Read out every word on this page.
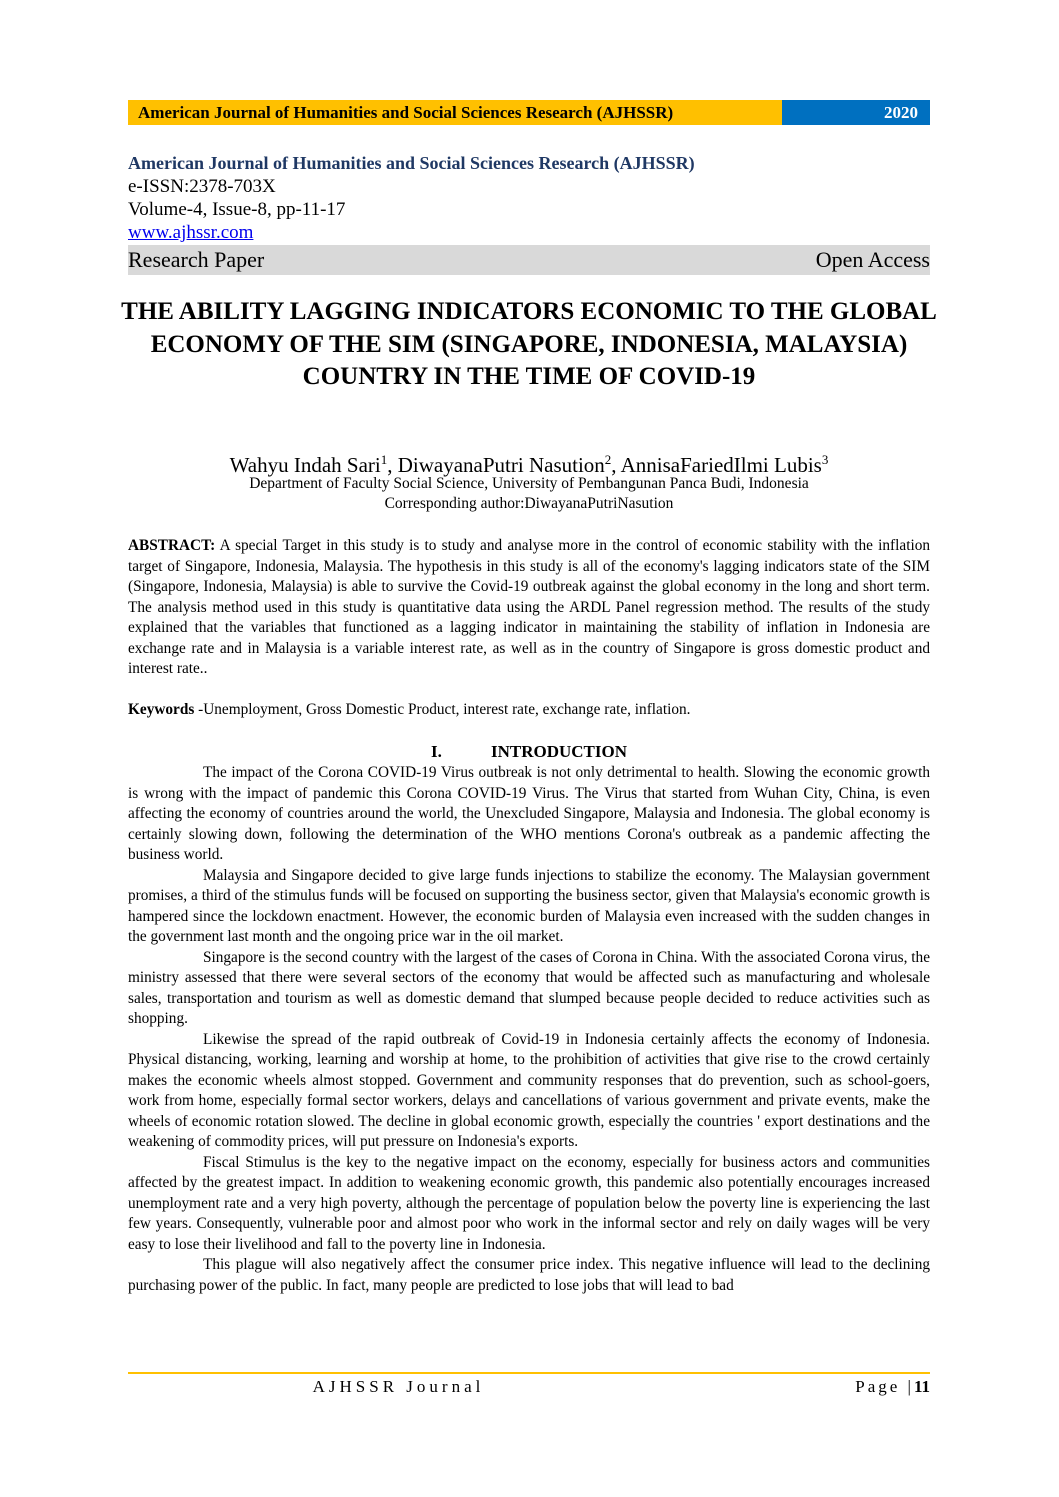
American Journal of Humanities and Social Sciences Research (AJHSSR)	2020
American Journal of Humanities and Social Sciences Research (AJHSSR)
e-ISSN:2378-703X
Volume-4, Issue-8, pp-11-17
www.ajhssr.com
Research Paper	Open Access
THE ABILITY LAGGING INDICATORS ECONOMIC TO THE GLOBAL ECONOMY OF THE SIM (SINGAPORE, INDONESIA, MALAYSIA) COUNTRY IN THE TIME OF COVID-19
Wahyu Indah Sari$^1$, DiwayanaPutri Nasution$^2$, AnnisaFariedIlmi Lubis$^3$
Department of Faculty Social Science, University of Pembangunan Panca Budi, Indonesia
Corresponding author:DiwayanaPutriNasution
ABSTRACT: A special Target in this study is to study and analyse more in the control of economic stability with the inflation target of Singapore, Indonesia, Malaysia. The hypothesis in this study is all of the economy's lagging indicators state of the SIM (Singapore, Indonesia, Malaysia) is able to survive the Covid-19 outbreak against the global economy in the long and short term. The analysis method used in this study is quantitative data using the ARDL Panel regression method. The results of the study explained that the variables that functioned as a lagging indicator in maintaining the stability of inflation in Indonesia are exchange rate and in Malaysia is a variable interest rate, as well as in the country of Singapore is gross domestic product and interest rate..
Keywords -Unemployment, Gross Domestic Product, interest rate, exchange rate, inflation.
I.	INTRODUCTION

The impact of the Corona COVID-19 Virus outbreak is not only detrimental to health. Slowing the economic growth is wrong with the impact of pandemic this Corona COVID-19 Virus. The Virus that started from Wuhan City, China, is even affecting the economy of countries around the world, the Unexcluded Singapore, Malaysia and Indonesia. The global economy is certainly slowing down, following the determination of the WHO mentions Corona's outbreak as a pandemic affecting the business world.

Malaysia and Singapore decided to give large funds injections to stabilize the economy. The Malaysian government promises, a third of the stimulus funds will be focused on supporting the business sector, given that Malaysia's economic growth is hampered since the lockdown enactment. However, the economic burden of Malaysia even increased with the sudden changes in the government last month and the ongoing price war in the oil market.

Singapore is the second country with the largest of the cases of Corona in China. With the associated Corona virus, the ministry assessed that there were several sectors of the economy that would be affected such as manufacturing and wholesale sales, transportation and tourism as well as domestic demand that slumped because people decided to reduce activities such as shopping.

Likewise the spread of the rapid outbreak of Covid-19 in Indonesia certainly affects the economy of Indonesia. Physical distancing, working, learning and worship at home, to the prohibition of activities that give rise to the crowd certainly makes the economic wheels almost stopped. Government and community responses that do prevention, such as school-goers, work from home, especially formal sector workers, delays and cancellations of various government and private events, make the wheels of economic rotation slowed. The decline in global economic growth, especially the countries ' export destinations and the weakening of commodity prices, will put pressure on Indonesia's exports.

Fiscal Stimulus is the key to the negative impact on the economy, especially for business actors and communities affected by the greatest impact. In addition to weakening economic growth, this pandemic also potentially encourages increased unemployment rate and a very high poverty, although the percentage of population below the poverty line is experiencing the last few years. Consequently, vulnerable poor and almost poor who work in the informal sector and rely on daily wages will be very easy to lose their livelihood and fall to the poverty line in Indonesia.

This plague will also negatively affect the consumer price index. This negative influence will lead to the declining purchasing power of the public. In fact, many people are predicted to lose jobs that will lead to bad

AJHSSR Journal	Page |11
